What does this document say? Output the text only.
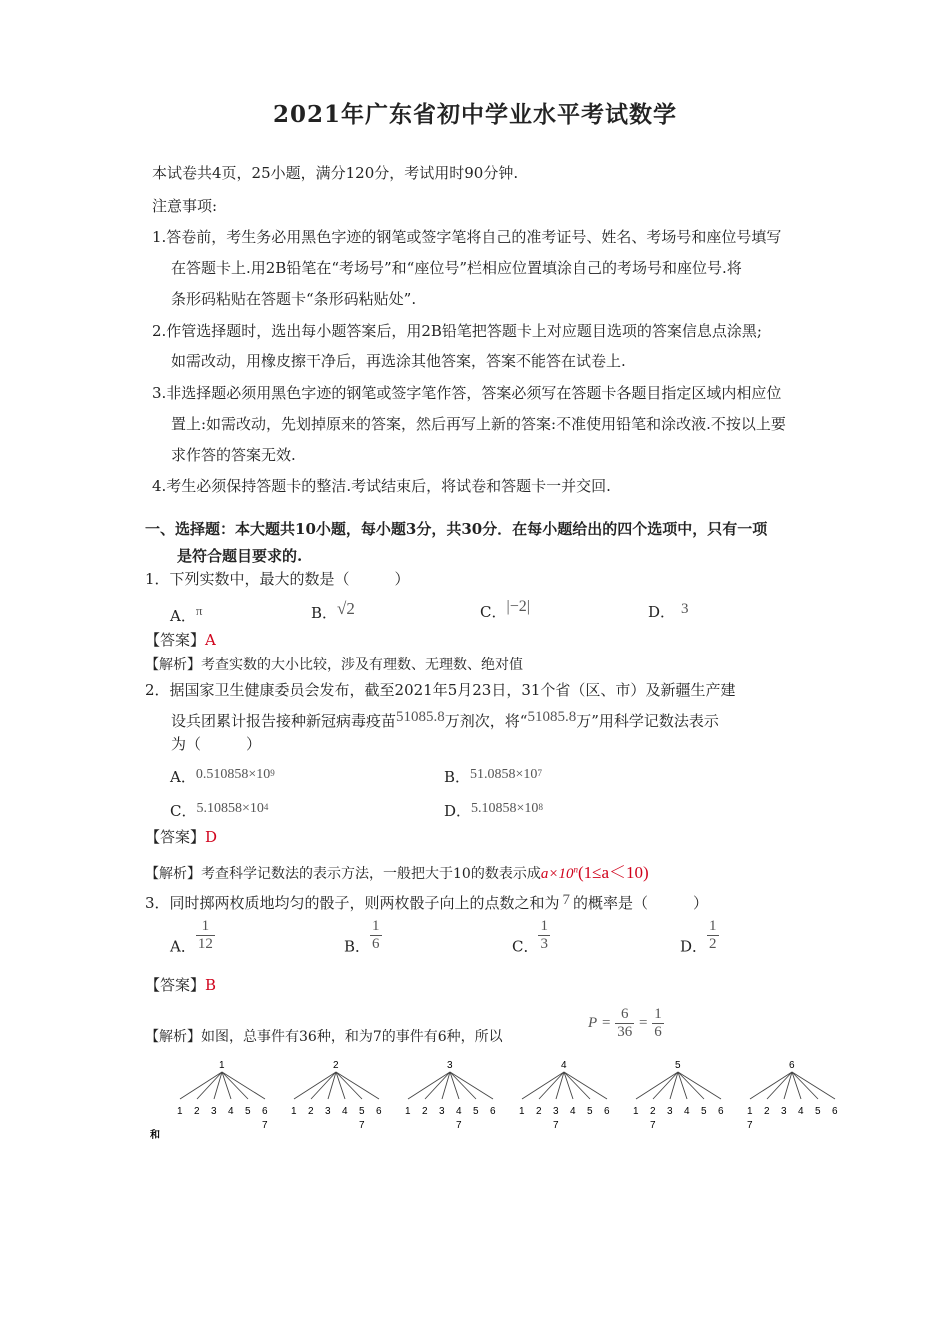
2021年广东省初中学业水平考试数学
本试卷共4页，25小题，满分120分，考试用时90分钟.
注意事项:
1.答卷前，考生务必用黑色字迹的钢笔或签字笔将自己的准考证号、姓名、考场号和座位号填写
在答题卡上.用2B铅笔在“考场号”和“座位号”栏相应位置填涂自己的考场号和座位号.将
条形码粘贴在答题卡“条形码粘贴处”.
2.作管选择题时，选出每小题答案后，用2B铅笔把答题卡上对应题目选项的答案信息点涂黑;
如需改动，用橡皮擦干净后，再选涂其他答案，答案不能答在试卷上.
3.非选择题必须用黑色字迹的钢笔或签字笔作答，答案必须写在答题卡各题目指定区域内相应位
置上:如需改动，先划掉原来的答案，然后再写上新的答案:不准使用铅笔和涂改液.不按以上要
求作答的答案无效.
4.考生必须保持答题卡的整洁.考试结束后，将试卷和答题卡一并交回.
一、选择题：本大题共10小题，每小题3分，共30分．在每小题给出的四个选项中，只有一项
是符合题目要求的.
1．下列实数中，最大的数是（　　　）
A．π	B．√2	C．|−2|	D． 3
【答案】A
【解析】考查实数的大小比较，涉及有理数、无理数、绝对值
2．据国家卫生健康委员会发布，截至2021年5月23日，31个省（区、市）及新疆生产建
设兵团累计报告接种新冠病毒疫苗51085.8万剂次，将“51085.8万”用科学记数法表示
为（　　　）
A．$0.510858\times 10^9$	B．$51.0858\times 10^7$
C．$5.10858\times 10^4$	D．$5.10858\times 10^8$
【答案】D
【解析】考查科学记数法的表示方法，一般把大于10的数表示成$a\times 10^n(1\le a<10)$
3．同时掷两枚质地均匀的骰子，则两枚骰子向上的点数之和为 7 的概率是（　　　）
A． $\frac{1}{12}$	B． $\frac{1}{6}$	C． $\frac{1}{3}$	D． $\frac{1}{2}$
【答案】B
【解析】如图，总事件有36种，和为7的事件有6种，所以
$P = \frac{6}{36} = \frac{1}{6}$
和
1
1 2 3 4 5 6
7
2
1 2 3 4 5
7
6
3
1 2 3 4
7
5 6
4
1 2 3
7
4 5 6
5
1 2
7
3 4 5 6
6
1
7
2 3 4 5 6
